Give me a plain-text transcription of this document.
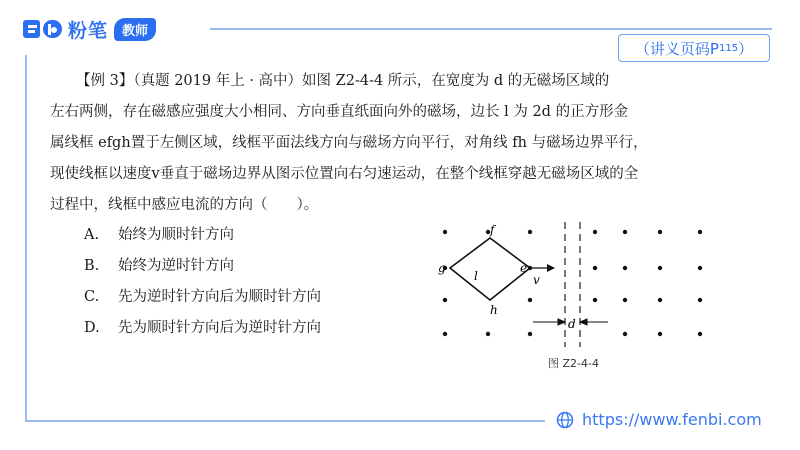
粉笔	教师
（讲义页码P 115 ）

【例 3】（真题 2019 年上 · 高中）如图 Z2-4-4 所示，在宽度为 d 的无磁场区域的

左右两侧，存在磁感应强度大小相同、方向垂直纸面向外的磁场，边长 l 为 2d 的正方形金

属线框 efgh置于左侧区域，线框平面法线方向与磁场方向平行，对角线 fh 与磁场边界平行，

现使线框以速度v垂直于磁场边界从图示位置向右匀速运动，在整个线框穿越无磁场区域的全

过程中，线框中感应电流的方向（　　）。

A.	始终为顺时针方向
B.	始终为逆时针方向
C.	先为逆时针方向后为顺时针方向
D.	先为顺时针方向后为逆时针方向
f
g
h
e
l	v
d
图 Z2-4-4
https://www.fenbi.com
